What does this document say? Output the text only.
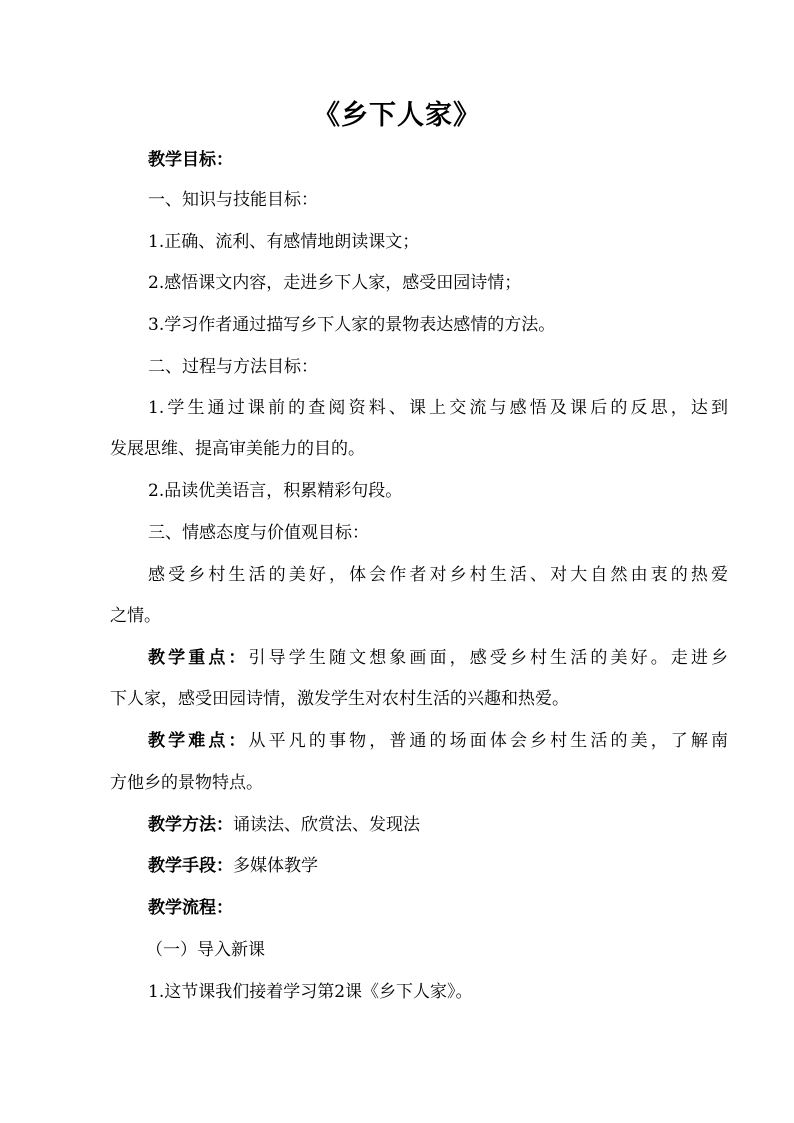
《乡下人家》
教学目标：
一、知识与技能目标：
1.正确、流利、有感情地朗读课文；
2.感悟课文内容，走进乡下人家，感受田园诗情；
3.学习作者通过描写乡下人家的景物表达感情的方法。
二、过程与方法目标：
1.学生通过课前的查阅资料、课上交流与感悟及课后的反思，达到
发展思维、提高审美能力的目的。
2.品读优美语言，积累精彩句段。
三、情感态度与价值观目标：
感受乡村生活的美好，体会作者对乡村生活、对大自然由衷的热爱
之情。
教学重点：引导学生随文想象画面，感受乡村生活的美好。走进乡
下人家，感受田园诗情，激发学生对农村生活的兴趣和热爱。
教学难点：从平凡的事物，普通的场面体会乡村生活的美，了解南
方他乡的景物特点。
教学方法：诵读法、欣赏法、发现法
教学手段：多媒体教学
教学流程：
（一）导入新课
1.这节课我们接着学习第2课《乡下人家》。
